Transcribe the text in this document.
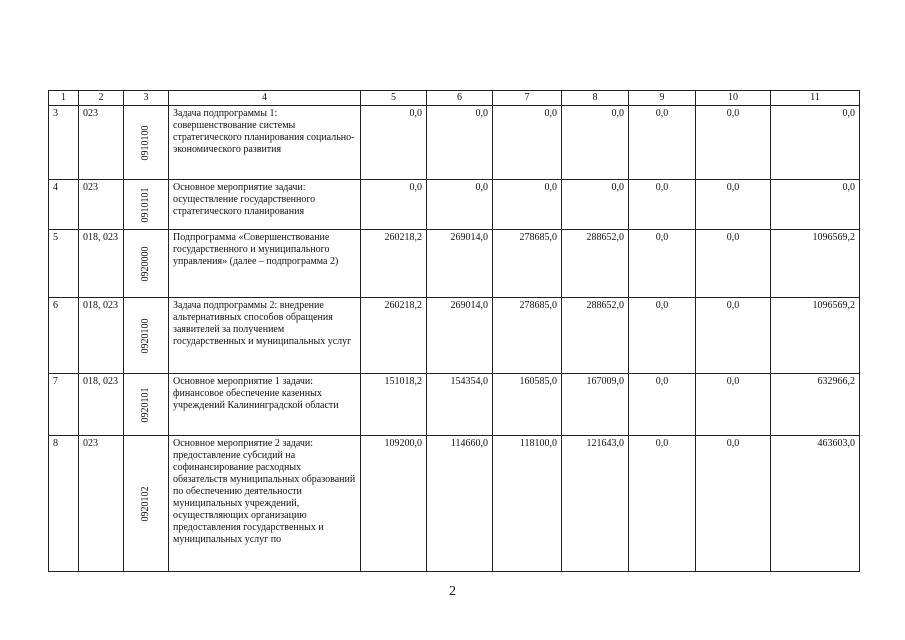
1	2	3	4	5	6	7	8	9	10	11
3	023	0910100	Задача подпрограммы 1: совершенствование системы стратегического планирования социально-экономического развития	0,0	0,0	0,0	0,0	0,0	0,0	0,0
4	023	0910101	Основное мероприятие задачи: осуществление государственного стратегического планирования	0,0	0,0	0,0	0,0	0,0	0,0	0,0
5	018, 023	0920000	Подпрограмма «Совершенствование государственного и муниципального управления» (далее – подпрограмма 2)	260218,2	269014,0	278685,0	288652,0	0,0	0,0	1096569,2
6	018, 023	0920100	Задача подпрограммы 2: внедрение альтернативных способов обращения заявителей за получением государственных и муниципальных услуг	260218,2	269014,0	278685,0	288652,0	0,0	0,0	1096569,2
7	018, 023	0920101	Основное мероприятие 1 задачи: финансовое обеспечение казенных учреждений Калининградской области	151018,2	154354,0	160585,0	167009,0	0,0	0,0	632966,2
8	023	0920102	Основное мероприятие 2 задачи: предоставление субсидий на софинансирование расходных обязательств муниципальных образований по обеспечению деятельности муниципальных учреждений, осуществляющих организацию предоставления государственных и муниципальных услуг по	109200,0	114660,0	118100,0	121643,0	0,0	0,0	463603,0
2
